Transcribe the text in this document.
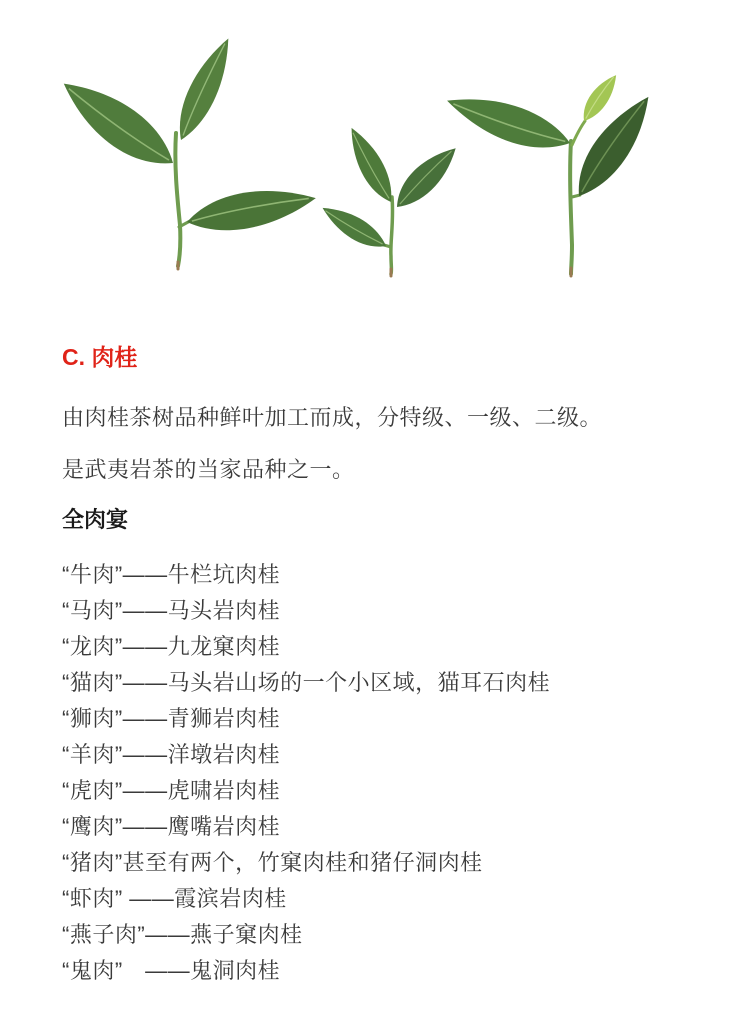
C. 肉桂

由肉桂茶树品种鲜叶加工而成，分特级、一级、二级。

是武夷岩茶的当家品种之一。

全肉宴
“牛肉”——牛栏坑肉桂
“马肉”——马头岩肉桂
“龙肉”——九龙窠肉桂
“猫肉”——马头岩山场的一个小区域，猫耳石肉桂
“狮肉”——青狮岩肉桂
“羊肉”——洋墩岩肉桂
“虎肉”——虎啸岩肉桂
“鹰肉”——鹰嘴岩肉桂
“猪肉”甚至有两个，竹窠肉桂和猪仔洞肉桂
“虾肉” ——霞滨岩肉桂
“燕子肉”——燕子窠肉桂
“鬼肉”　——鬼洞肉桂
